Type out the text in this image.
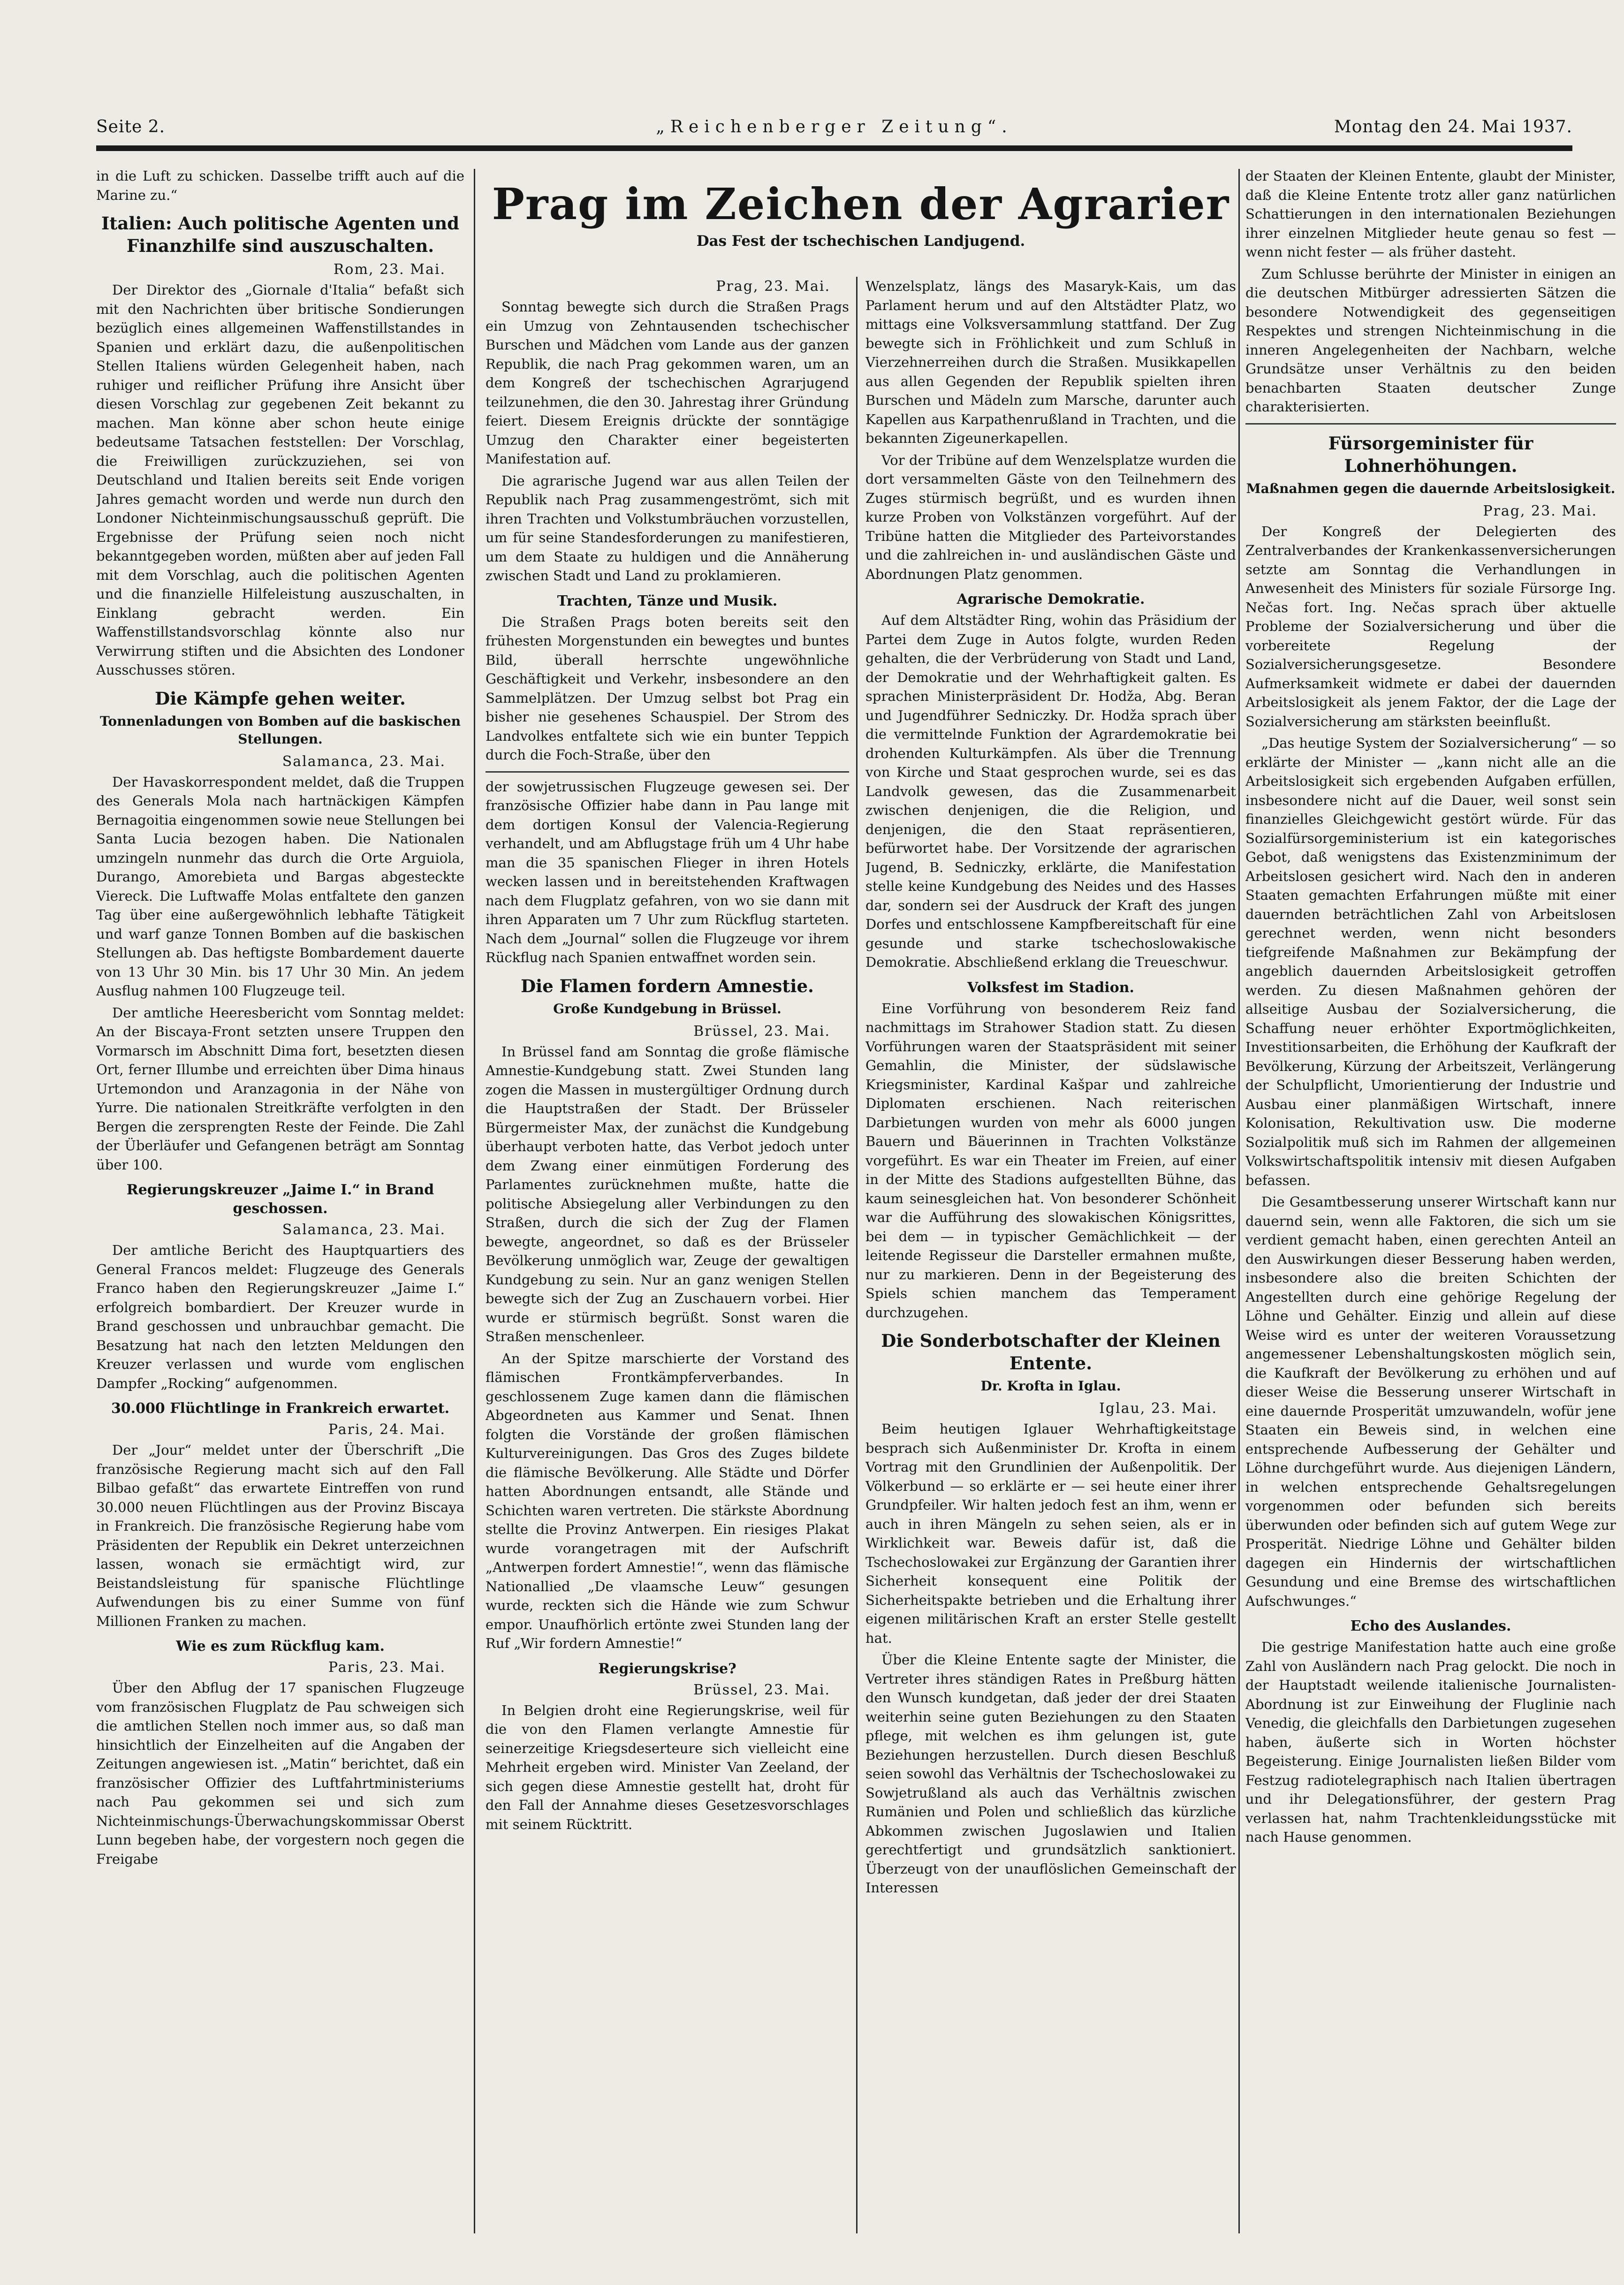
Seite 2.	„Reichenberger Zeitung“.	Montag den 24. Mai 1937.
Prag im Zeichen der Agrarier
Das Fest der tschechischen Landjugend.

in die Luft zu schicken. Dasselbe trifft auch auf die Marine zu.“

Italien: Auch politische Agenten und Finanzhilfe sind auszuschalten.
Rom, 23. Mai.

Der Direktor des „Giornale d'Italia“ befaßt sich mit den Nachrichten über britische Sondierungen bezüglich eines allgemeinen Waffenstillstandes in Spanien und erklärt dazu, die außenpolitischen Stellen Italiens würden Gelegenheit haben, nach ruhiger und reiflicher Prüfung ihre Ansicht über diesen Vorschlag zur gegebenen Zeit bekannt zu machen. Man könne aber schon heute einige bedeutsame Tatsachen feststellen: Der Vorschlag, die Freiwilligen zurückzuziehen, sei von Deutschland und Italien bereits seit Ende vorigen Jahres gemacht worden und werde nun durch den Londoner Nichteinmischungsausschuß geprüft. Die Ergebnisse der Prüfung seien noch nicht bekanntgegeben worden, müßten aber auf jeden Fall mit dem Vorschlag, auch die politischen Agenten und die finanzielle Hilfeleistung auszuschalten, in Einklang gebracht werden. Ein Waffenstillstandsvorschlag könnte also nur Verwirrung stiften und die Absichten des Londoner Ausschusses stören.

Die Kämpfe gehen weiter.
Tonnenladungen von Bomben auf die baskischen Stellungen.
Salamanca, 23. Mai.

Der Havaskorrespondent meldet, daß die Truppen des Generals Mola nach hartnäckigen Kämpfen Bernagoitia eingenommen sowie neue Stellungen bei Santa Lucia bezogen haben. Die Nationalen umzingeln nunmehr das durch die Orte Arguiola, Durango, Amorebieta und Bargas abgesteckte Viereck. Die Luftwaffe Molas entfaltete den ganzen Tag über eine außergewöhnlich lebhafte Tätigkeit und warf ganze Tonnen Bomben auf die baskischen Stellungen ab. Das heftigste Bombardement dauerte von 13 Uhr 30 Min. bis 17 Uhr 30 Min. An jedem Ausflug nahmen 100 Flugzeuge teil.

Der amtliche Heeresbericht vom Sonntag meldet: An der Biscaya-Front setzten unsere Truppen den Vormarsch im Abschnitt Dima fort, besetzten diesen Ort, ferner Illumbe und erreichten über Dima hinaus Urtemondon und Aranzagonia in der Nähe von Yurre. Die nationalen Streitkräfte verfolgten in den Bergen die zersprengten Reste der Feinde. Die Zahl der Überläufer und Gefangenen beträgt am Sonntag über 100.

Regierungskreuzer „Jaime I.“ in Brand geschossen.
Salamanca, 23. Mai.

Der amtliche Bericht des Hauptquartiers des General Francos meldet: Flugzeuge des Generals Franco haben den Regierungskreuzer „Jaime I.“ erfolgreich bombardiert. Der Kreuzer wurde in Brand geschossen und unbrauchbar gemacht. Die Besatzung hat nach den letzten Meldungen den Kreuzer verlassen und wurde vom englischen Dampfer „Rocking“ aufgenommen.

30.000 Flüchtlinge in Frankreich erwartet.
Paris, 24. Mai.

Der „Jour“ meldet unter der Überschrift „Die französische Regierung macht sich auf den Fall Bilbao gefaßt“ das erwartete Eintreffen von rund 30.000 neuen Flüchtlingen aus der Provinz Biscaya in Frankreich. Die französische Regierung habe vom Präsidenten der Republik ein Dekret unterzeichnen lassen, wonach sie ermächtigt wird, zur Beistandsleistung für spanische Flüchtlinge Aufwendungen bis zu einer Summe von fünf Millionen Franken zu machen.

Wie es zum Rückflug kam.
Paris, 23. Mai.

Über den Abflug der 17 spanischen Flugzeuge vom französischen Flugplatz de Pau schweigen sich die amtlichen Stellen noch immer aus, so daß man hinsichtlich der Einzelheiten auf die Angaben der Zeitungen angewiesen ist. „Matin“ berichtet, daß ein französischer Offizier des Luftfahrtministeriums nach Pau gekommen sei und sich zum Nichteinmischungs-Überwachungskommissar Oberst Lunn begeben habe, der vorgestern noch gegen die Freigabe

Prag, 23. Mai.

Sonntag bewegte sich durch die Straßen Prags ein Umzug von Zehntausenden tschechischer Burschen und Mädchen vom Lande aus der ganzen Republik, die nach Prag gekommen waren, um an dem Kongreß der tschechischen Agrarjugend teilzunehmen, die den 30. Jahrestag ihrer Gründung feiert. Diesem Ereignis drückte der sonntägige Umzug den Charakter einer begeisterten Manifestation auf.

Die agrarische Jugend war aus allen Teilen der Republik nach Prag zusammengeströmt, sich mit ihren Trachten und Volkstumbräuchen vorzustellen, um für seine Standesforderungen zu manifestieren, um dem Staate zu huldigen und die Annäherung zwischen Stadt und Land zu proklamieren.

Trachten, Tänze und Musik.

Die Straßen Prags boten bereits seit den frühesten Morgenstunden ein bewegtes und buntes Bild, überall herrschte ungewöhnliche Geschäftigkeit und Verkehr, insbesondere an den Sammelplätzen. Der Umzug selbst bot Prag ein bisher nie gesehenes Schauspiel. Der Strom des Landvolkes entfaltete sich wie ein bunter Teppich durch die Foch-Straße, über den

der sowjetrussischen Flugzeuge gewesen sei. Der französische Offizier habe dann in Pau lange mit dem dortigen Konsul der Valencia-Regierung verhandelt, und am Abflugstage früh um 4 Uhr habe man die 35 spanischen Flieger in ihren Hotels wecken lassen und in bereitstehenden Kraftwagen nach dem Flugplatz gefahren, von wo sie dann mit ihren Apparaten um 7 Uhr zum Rückflug starteten. Nach dem „Journal“ sollen die Flugzeuge vor ihrem Rückflug nach Spanien entwaffnet worden sein.

Die Flamen fordern Amnestie.
Große Kundgebung in Brüssel.
Brüssel, 23. Mai.

In Brüssel fand am Sonntag die große flämische Amnestie-Kundgebung statt. Zwei Stunden lang zogen die Massen in mustergültiger Ordnung durch die Hauptstraßen der Stadt. Der Brüsseler Bürgermeister Max, der zunächst die Kundgebung überhaupt verboten hatte, das Verbot jedoch unter dem Zwang einer einmütigen Forderung des Parlamentes zurücknehmen mußte, hatte die politische Absiegelung aller Verbindungen zu den Straßen, durch die sich der Zug der Flamen bewegte, angeordnet, so daß es der Brüsseler Bevölkerung unmöglich war, Zeuge der gewaltigen Kundgebung zu sein. Nur an ganz wenigen Stellen bewegte sich der Zug an Zuschauern vorbei. Hier wurde er stürmisch begrüßt. Sonst waren die Straßen menschenleer.

An der Spitze marschierte der Vorstand des flämischen Frontkämpferverbandes. In geschlossenem Zuge kamen dann die flämischen Abgeordneten aus Kammer und Senat. Ihnen folgten die Vorstände der großen flämischen Kulturvereinigungen. Das Gros des Zuges bildete die flämische Bevölkerung. Alle Städte und Dörfer hatten Abordnungen entsandt, alle Stände und Schichten waren vertreten. Die stärkste Abordnung stellte die Provinz Antwerpen. Ein riesiges Plakat wurde vorangetragen mit der Aufschrift „Antwerpen fordert Amnestie!“, wenn das flämische Nationallied „De vlaamsche Leuw“ gesungen wurde, reckten sich die Hände wie zum Schwur empor. Unaufhörlich ertönte zwei Stunden lang der Ruf „Wir fordern Amnestie!“

Regierungskrise?
Brüssel, 23. Mai.

In Belgien droht eine Regierungskrise, weil für die von den Flamen verlangte Amnestie für seinerzeitige Kriegsdeserteure sich vielleicht eine Mehrheit ergeben wird. Minister Van Zeeland, der sich gegen diese Amnestie gestellt hat, droht für den Fall der Annahme dieses Gesetzesvorschlages mit seinem Rücktritt.

Wenzelsplatz, längs des Masaryk-Kais, um das Parlament herum und auf den Altstädter Platz, wo mittags eine Volksversammlung stattfand. Der Zug bewegte sich in Fröhlichkeit und zum Schluß in Vierzehnerreihen durch die Straßen. Musikkapellen aus allen Gegenden der Republik spielten ihren Burschen und Mädeln zum Marsche, darunter auch Kapellen aus Karpathenrußland in Trachten, und die bekannten Zigeunerkapellen.

Vor der Tribüne auf dem Wenzelsplatze wurden die dort versammelten Gäste von den Teilnehmern des Zuges stürmisch begrüßt, und es wurden ihnen kurze Proben von Volkstänzen vorgeführt. Auf der Tribüne hatten die Mitglieder des Parteivorstandes und die zahlreichen in- und ausländischen Gäste und Abordnungen Platz genommen.

Agrarische Demokratie.

Auf dem Altstädter Ring, wohin das Präsidium der Partei dem Zuge in Autos folgte, wurden Reden gehalten, die der Verbrüderung von Stadt und Land, der Demokratie und der Wehrhaftigkeit galten. Es sprachen Ministerpräsident Dr. Hodža, Abg. Beran und Jugendführer Sedniczky. Dr. Hodža sprach über die vermittelnde Funktion der Agrardemokratie bei drohenden Kulturkämpfen. Als über die Trennung von Kirche und Staat gesprochen wurde, sei es das Landvolk gewesen, das die Zusammenarbeit zwischen denjenigen, die die Religion, und denjenigen, die den Staat repräsentieren, befürwortet habe. Der Vorsitzende der agrarischen Jugend, B. Sedniczky, erklärte, die Manifestation stelle keine Kundgebung des Neides und des Hasses dar, sondern sei der Ausdruck der Kraft des jungen Dorfes und entschlossene Kampfbereitschaft für eine gesunde und starke tschechoslowakische Demokratie. Abschließend erklang die Treueschwur.

Volksfest im Stadion.

Eine Vorführung von besonderem Reiz fand nachmittags im Strahower Stadion statt. Zu diesen Vorführungen waren der Staatspräsident mit seiner Gemahlin, die Minister, der südslawische Kriegsminister, Kardinal Kašpar und zahlreiche Diplomaten erschienen. Nach reiterischen Darbietungen wurden von mehr als 6000 jungen Bauern und Bäuerinnen in Trachten Volkstänze vorgeführt. Es war ein Theater im Freien, auf einer in der Mitte des Stadions aufgestellten Bühne, das kaum seinesgleichen hat. Von besonderer Schönheit war die Aufführung des slowakischen Königsrittes, bei dem — in typischer Gemächlichkeit — der leitende Regisseur die Darsteller ermahnen mußte, nur zu markieren. Denn in der Begeisterung des Spiels schien manchem das Temperament durchzugehen.

Die Sonderbotschafter der Kleinen Entente.
Dr. Krofta in Iglau.
Iglau, 23. Mai.

Beim heutigen Iglauer Wehrhaftigkeitstage besprach sich Außenminister Dr. Krofta in einem Vortrag mit den Grundlinien der Außenpolitik. Der Völkerbund — so erklärte er — sei heute einer ihrer Grundpfeiler. Wir halten jedoch fest an ihm, wenn er auch in ihren Mängeln zu sehen seien, als er in Wirklichkeit war. Beweis dafür ist, daß die Tschechoslowakei zur Ergänzung der Garantien ihrer Sicherheit konsequent eine Politik der Sicherheitspakte betrieben und die Erhaltung ihrer eigenen militärischen Kraft an erster Stelle gestellt hat.

Über die Kleine Entente sagte der Minister, die Vertreter ihres ständigen Rates in Preßburg hätten den Wunsch kundgetan, daß jeder der drei Staaten weiterhin seine guten Beziehungen zu den Staaten pflege, mit welchen es ihm gelungen ist, gute Beziehungen herzustellen. Durch diesen Beschluß seien sowohl das Verhältnis der Tschechoslowakei zu Sowjetrußland als auch das Verhältnis zwischen Rumänien und Polen und schließlich das kürzliche Abkommen zwischen Jugoslawien und Italien gerechtfertigt und grundsätzlich sanktioniert. Überzeugt von der unauflöslichen Gemeinschaft der Interessen

der Staaten der Kleinen Entente, glaubt der Minister, daß die Kleine Entente trotz aller ganz natürlichen Schattierungen in den internationalen Beziehungen ihrer einzelnen Mitglieder heute genau so fest — wenn nicht fester — als früher dasteht.

Zum Schlusse berührte der Minister in einigen an die deutschen Mitbürger adressierten Sätzen die besondere Notwendigkeit des gegenseitigen Respektes und strengen Nichteinmischung in die inneren Angelegenheiten der Nachbarn, welche Grundsätze unser Verhältnis zu den beiden benachbarten Staaten deutscher Zunge charakterisierten.

Fürsorgeminister für Lohnerhöhungen.
Maßnahmen gegen die dauernde Arbeitslosigkeit.
Prag, 23. Mai.

Der Kongreß der Delegierten des Zentralverbandes der Krankenkassenversicherungen setzte am Sonntag die Verhandlungen in Anwesenheit des Ministers für soziale Fürsorge Ing. Nečas fort. Ing. Nečas sprach über aktuelle Probleme der Sozialversicherung und über die vorbereitete Regelung der Sozialversicherungsgesetze. Besondere Aufmerksamkeit widmete er dabei der dauernden Arbeitslosigkeit als jenem Faktor, der die Lage der Sozialversicherung am stärksten beeinflußt.

„Das heutige System der Sozialversicherung“ — so erklärte der Minister — „kann nicht alle an die Arbeitslosigkeit sich ergebenden Aufgaben erfüllen, insbesondere nicht auf die Dauer, weil sonst sein finanzielles Gleichgewicht gestört würde. Für das Sozialfürsorgeministerium ist ein kategorisches Gebot, daß wenigstens das Existenzminimum der Arbeitslosen gesichert wird. Nach den in anderen Staaten gemachten Erfahrungen müßte mit einer dauernden beträchtlichen Zahl von Arbeitslosen gerechnet werden, wenn nicht besonders tiefgreifende Maßnahmen zur Bekämpfung der angeblich dauernden Arbeitslosigkeit getroffen werden. Zu diesen Maßnahmen gehören der allseitige Ausbau der Sozialversicherung, die Schaffung neuer erhöhter Exportmöglichkeiten, Investitionsarbeiten, die Erhöhung der Kaufkraft der Bevölkerung, Kürzung der Arbeitszeit, Verlängerung der Schulpflicht, Umorientierung der Industrie und Ausbau einer planmäßigen Wirtschaft, innere Kolonisation, Rekultivation usw. Die moderne Sozialpolitik muß sich im Rahmen der allgemeinen Volkswirtschaftspolitik intensiv mit diesen Aufgaben befassen.

Die Gesamtbesserung unserer Wirtschaft kann nur dauernd sein, wenn alle Faktoren, die sich um sie verdient gemacht haben, einen gerechten Anteil an den Auswirkungen dieser Besserung haben werden, insbesondere also die breiten Schichten der Angestellten durch eine gehörige Regelung der Löhne und Gehälter. Einzig und allein auf diese Weise wird es unter der weiteren Voraussetzung angemessener Lebenshaltungskosten möglich sein, die Kaufkraft der Bevölkerung zu erhöhen und auf dieser Weise die Besserung unserer Wirtschaft in eine dauernde Prosperität umzuwandeln, wofür jene Staaten ein Beweis sind, in welchen eine entsprechende Aufbesserung der Gehälter und Löhne durchgeführt wurde. Aus diejenigen Ländern, in welchen entsprechende Gehaltsregelungen vorgenommen oder befunden sich bereits überwunden oder befinden sich auf gutem Wege zur Prosperität. Niedrige Löhne und Gehälter bilden dagegen ein Hindernis der wirtschaftlichen Gesundung und eine Bremse des wirtschaftlichen Aufschwunges.“

Echo des Auslandes.

Die gestrige Manifestation hatte auch eine große Zahl von Ausländern nach Prag gelockt. Die noch in der Hauptstadt weilende italienische Journalisten-Abordnung ist zur Einweihung der Fluglinie nach Venedig, die gleichfalls den Darbietungen zugesehen haben, äußerte sich in Worten höchster Begeisterung. Einige Journalisten ließen Bilder vom Festzug radiotelegraphisch nach Italien übertragen und ihr Delegationsführer, der gestern Prag verlassen hat, nahm Trachtenkleidungsstücke mit nach Hause genommen.
